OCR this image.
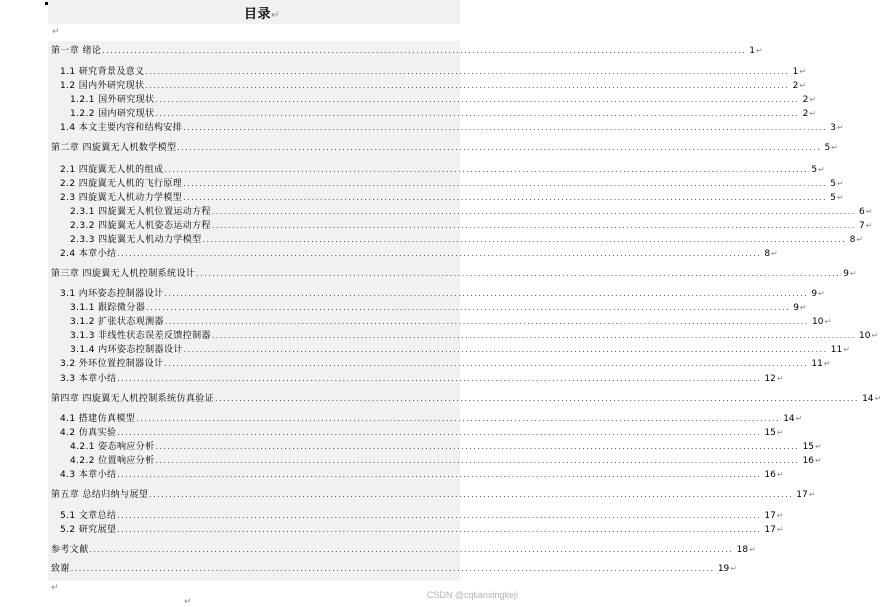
目录↵
↵
第一章 绪论 ................................................................................................................................................................ 1 ↵
1.1 研究背景及意义 ................................................................................................................................................................ 1 ↵
1.2 国内外研究现状 ................................................................................................................................................................ 2 ↵
1.2.1 国外研究现状 ................................................................................................................................................................ 2 ↵
1.2.2 国内研究现状 ................................................................................................................................................................ 2 ↵
1.4 本文主要内容和结构安排 ................................................................................................................................................................ 3 ↵
第二章 四旋翼无人机数学模型 ................................................................................................................................................................ 5 ↵
2.1 四旋翼无人机的组成 ................................................................................................................................................................ 5 ↵
2.2 四旋翼无人机的飞行原理 ................................................................................................................................................................ 5 ↵
2.3 四旋翼无人机动力学模型 ................................................................................................................................................................ 5 ↵
2.3.1 四旋翼无人机位置运动方程 ................................................................................................................................................................ 6 ↵
2.3.2 四旋翼无人机姿态运动方程 ................................................................................................................................................................ 7 ↵
2.3.3 四旋翼无人机动力学模型 ................................................................................................................................................................ 8 ↵
2.4 本章小结 ................................................................................................................................................................ 8 ↵
第三章 四旋翼无人机控制系统设计 ................................................................................................................................................................ 9 ↵
3.1 内环姿态控制器设计 ................................................................................................................................................................ 9 ↵
3.1.1 跟踪微分器 ................................................................................................................................................................ 9 ↵
3.1.2 扩张状态观测器 ................................................................................................................................................................ 10 ↵
3.1.3 非线性状态误差反馈控制器 ................................................................................................................................................................ 10 ↵
3.1.4 内环姿态控制器设计 ................................................................................................................................................................ 11 ↵
3.2 外环位置控制器设计 ................................................................................................................................................................ 11 ↵
3.3 本章小结 ................................................................................................................................................................ 12 ↵
第四章 四旋翼无人机控制系统仿真验证 ................................................................................................................................................................ 14 ↵
4.1 搭建仿真模型 ................................................................................................................................................................ 14 ↵
4.2 仿真实验 ................................................................................................................................................................ 15 ↵
4.2.1 姿态响应分析 ................................................................................................................................................................ 15 ↵
4.2.2 位置响应分析 ................................................................................................................................................................ 16 ↵
4.3 本章小结 ................................................................................................................................................................ 16 ↵
第五章 总结归纳与展望 ................................................................................................................................................................ 17 ↵
5.1 文章总结 ................................................................................................................................................................ 17 ↵
5.2 研究展望 ................................................................................................................................................................ 17 ↵
参考文献 ................................................................................................................................................................ 18 ↵
致谢 ................................................................................................................................................................ 19 ↵
↵
↵
CSDN @cqtianxingkeji
